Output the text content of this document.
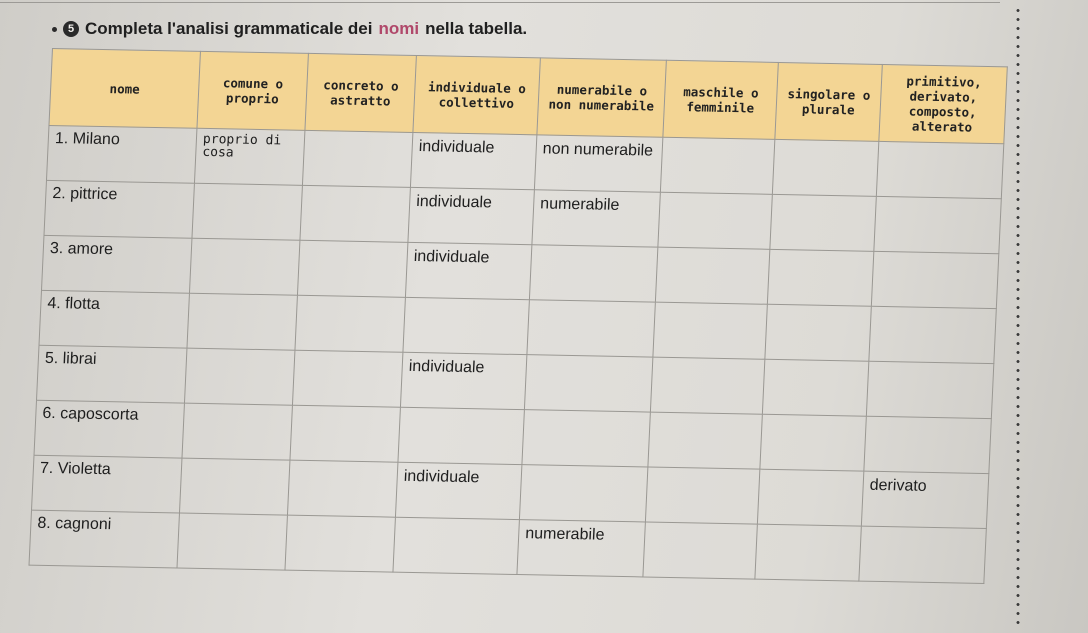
5 Completa l'analisi grammaticale dei nomi nella tabella.
nome	comune o proprio	concreto o astratto	individuale o collettivo	numerabile o non numerabile	maschile o femminile	singolare o plurale	primitivo, derivato, composto, alterato
1. Milano	proprio di cosa		individuale	non numerabile			

2. pittrice			individuale	numerabile			

3. amore			individuale				

4. flotta	

5. librai			individuale				

6. caposcorta	

7. Violetta			individuale				derivato

8. cagnoni				numerabile			
